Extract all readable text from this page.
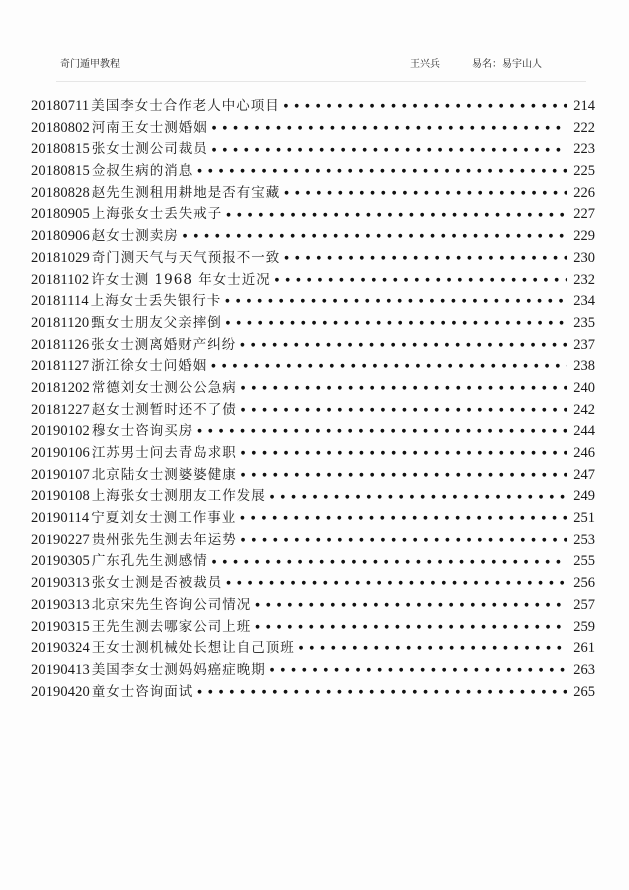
奇门遁甲教程	王兴兵	易名：易宇山人
20180711 美国李女士合作老人中心项目 ●●●●●●●●●●●●●●●●●●●●●●●●●●●●●●●●●●●●●●●●●●●●●●●●●●●●●●●●●●●●	214
20180802 河南王女士测婚姻 ●●●●●●●●●●●●●●●●●●●●●●●●●●●●●●●●●●●●●●●●●●●●●●●●●●●●●●●●●●●●	222
20180815 张女士测公司裁员 ●●●●●●●●●●●●●●●●●●●●●●●●●●●●●●●●●●●●●●●●●●●●●●●●●●●●●●●●●●●●	223
20180815 佥叔生病的消息 ●●●●●●●●●●●●●●●●●●●●●●●●●●●●●●●●●●●●●●●●●●●●●●●●●●●●●●●●●●●●	225
20180828 赵先生测租用耕地是否有宝藏 ●●●●●●●●●●●●●●●●●●●●●●●●●●●●●●●●●●●●●●●●●●●●●●●●●●●●●●●●●●●●	226
20180905 上海张女士丢失戒子 ●●●●●●●●●●●●●●●●●●●●●●●●●●●●●●●●●●●●●●●●●●●●●●●●●●●●●●●●●●●●	227
20180906 赵女士测卖房 ●●●●●●●●●●●●●●●●●●●●●●●●●●●●●●●●●●●●●●●●●●●●●●●●●●●●●●●●●●●●	229
20181029 奇门测天气与天气预报不一致 ●●●●●●●●●●●●●●●●●●●●●●●●●●●●●●●●●●●●●●●●●●●●●●●●●●●●●●●●●●●●	230
20181102 许女士测 1968 年女士近况 ●●●●●●●●●●●●●●●●●●●●●●●●●●●●●●●●●●●●●●●●●●●●●●●●●●●●●●●●●●●●	232
20181114 上海女士丢失银行卡 ●●●●●●●●●●●●●●●●●●●●●●●●●●●●●●●●●●●●●●●●●●●●●●●●●●●●●●●●●●●●	234
20181120 甄女士朋友父亲摔倒 ●●●●●●●●●●●●●●●●●●●●●●●●●●●●●●●●●●●●●●●●●●●●●●●●●●●●●●●●●●●●	235
20181126 张女士测离婚财产纠纷 ●●●●●●●●●●●●●●●●●●●●●●●●●●●●●●●●●●●●●●●●●●●●●●●●●●●●●●●●●●●●	237
20181127 浙江徐女士问婚姻 ●●●●●●●●●●●●●●●●●●●●●●●●●●●●●●●●●●●●●●●●●●●●●●●●●●●●●●●●●●●●	238
20181202 常德刘女士测公公急病 ●●●●●●●●●●●●●●●●●●●●●●●●●●●●●●●●●●●●●●●●●●●●●●●●●●●●●●●●●●●●	240
20181227 赵女士测暂时还不了债 ●●●●●●●●●●●●●●●●●●●●●●●●●●●●●●●●●●●●●●●●●●●●●●●●●●●●●●●●●●●●	242
20190102 穆女士咨询买房 ●●●●●●●●●●●●●●●●●●●●●●●●●●●●●●●●●●●●●●●●●●●●●●●●●●●●●●●●●●●●	244
20190106 江苏男士问去青岛求职 ●●●●●●●●●●●●●●●●●●●●●●●●●●●●●●●●●●●●●●●●●●●●●●●●●●●●●●●●●●●●	246
20190107 北京陆女士测婆婆健康 ●●●●●●●●●●●●●●●●●●●●●●●●●●●●●●●●●●●●●●●●●●●●●●●●●●●●●●●●●●●●	247
20190108 上海张女士测朋友工作发展 ●●●●●●●●●●●●●●●●●●●●●●●●●●●●●●●●●●●●●●●●●●●●●●●●●●●●●●●●●●●●	249
20190114 宁夏刘女士测工作事业 ●●●●●●●●●●●●●●●●●●●●●●●●●●●●●●●●●●●●●●●●●●●●●●●●●●●●●●●●●●●●	251
20190227 贵州张先生测去年运势 ●●●●●●●●●●●●●●●●●●●●●●●●●●●●●●●●●●●●●●●●●●●●●●●●●●●●●●●●●●●●	253
20190305 广东孔先生测感情 ●●●●●●●●●●●●●●●●●●●●●●●●●●●●●●●●●●●●●●●●●●●●●●●●●●●●●●●●●●●●	255
20190313 张女士测是否被裁员 ●●●●●●●●●●●●●●●●●●●●●●●●●●●●●●●●●●●●●●●●●●●●●●●●●●●●●●●●●●●●	256
20190313 北京宋先生咨询公司情况 ●●●●●●●●●●●●●●●●●●●●●●●●●●●●●●●●●●●●●●●●●●●●●●●●●●●●●●●●●●●●	257
20190315 王先生测去哪家公司上班 ●●●●●●●●●●●●●●●●●●●●●●●●●●●●●●●●●●●●●●●●●●●●●●●●●●●●●●●●●●●●	259
20190324 王女士测机械处长想让自己顶班 ●●●●●●●●●●●●●●●●●●●●●●●●●●●●●●●●●●●●●●●●●●●●●●●●●●●●●●●●●●●●	261
20190413 美国李女士测妈妈癌症晚期 ●●●●●●●●●●●●●●●●●●●●●●●●●●●●●●●●●●●●●●●●●●●●●●●●●●●●●●●●●●●●	263
20190420 童女士咨询面试 ●●●●●●●●●●●●●●●●●●●●●●●●●●●●●●●●●●●●●●●●●●●●●●●●●●●●●●●●●●●●	265
